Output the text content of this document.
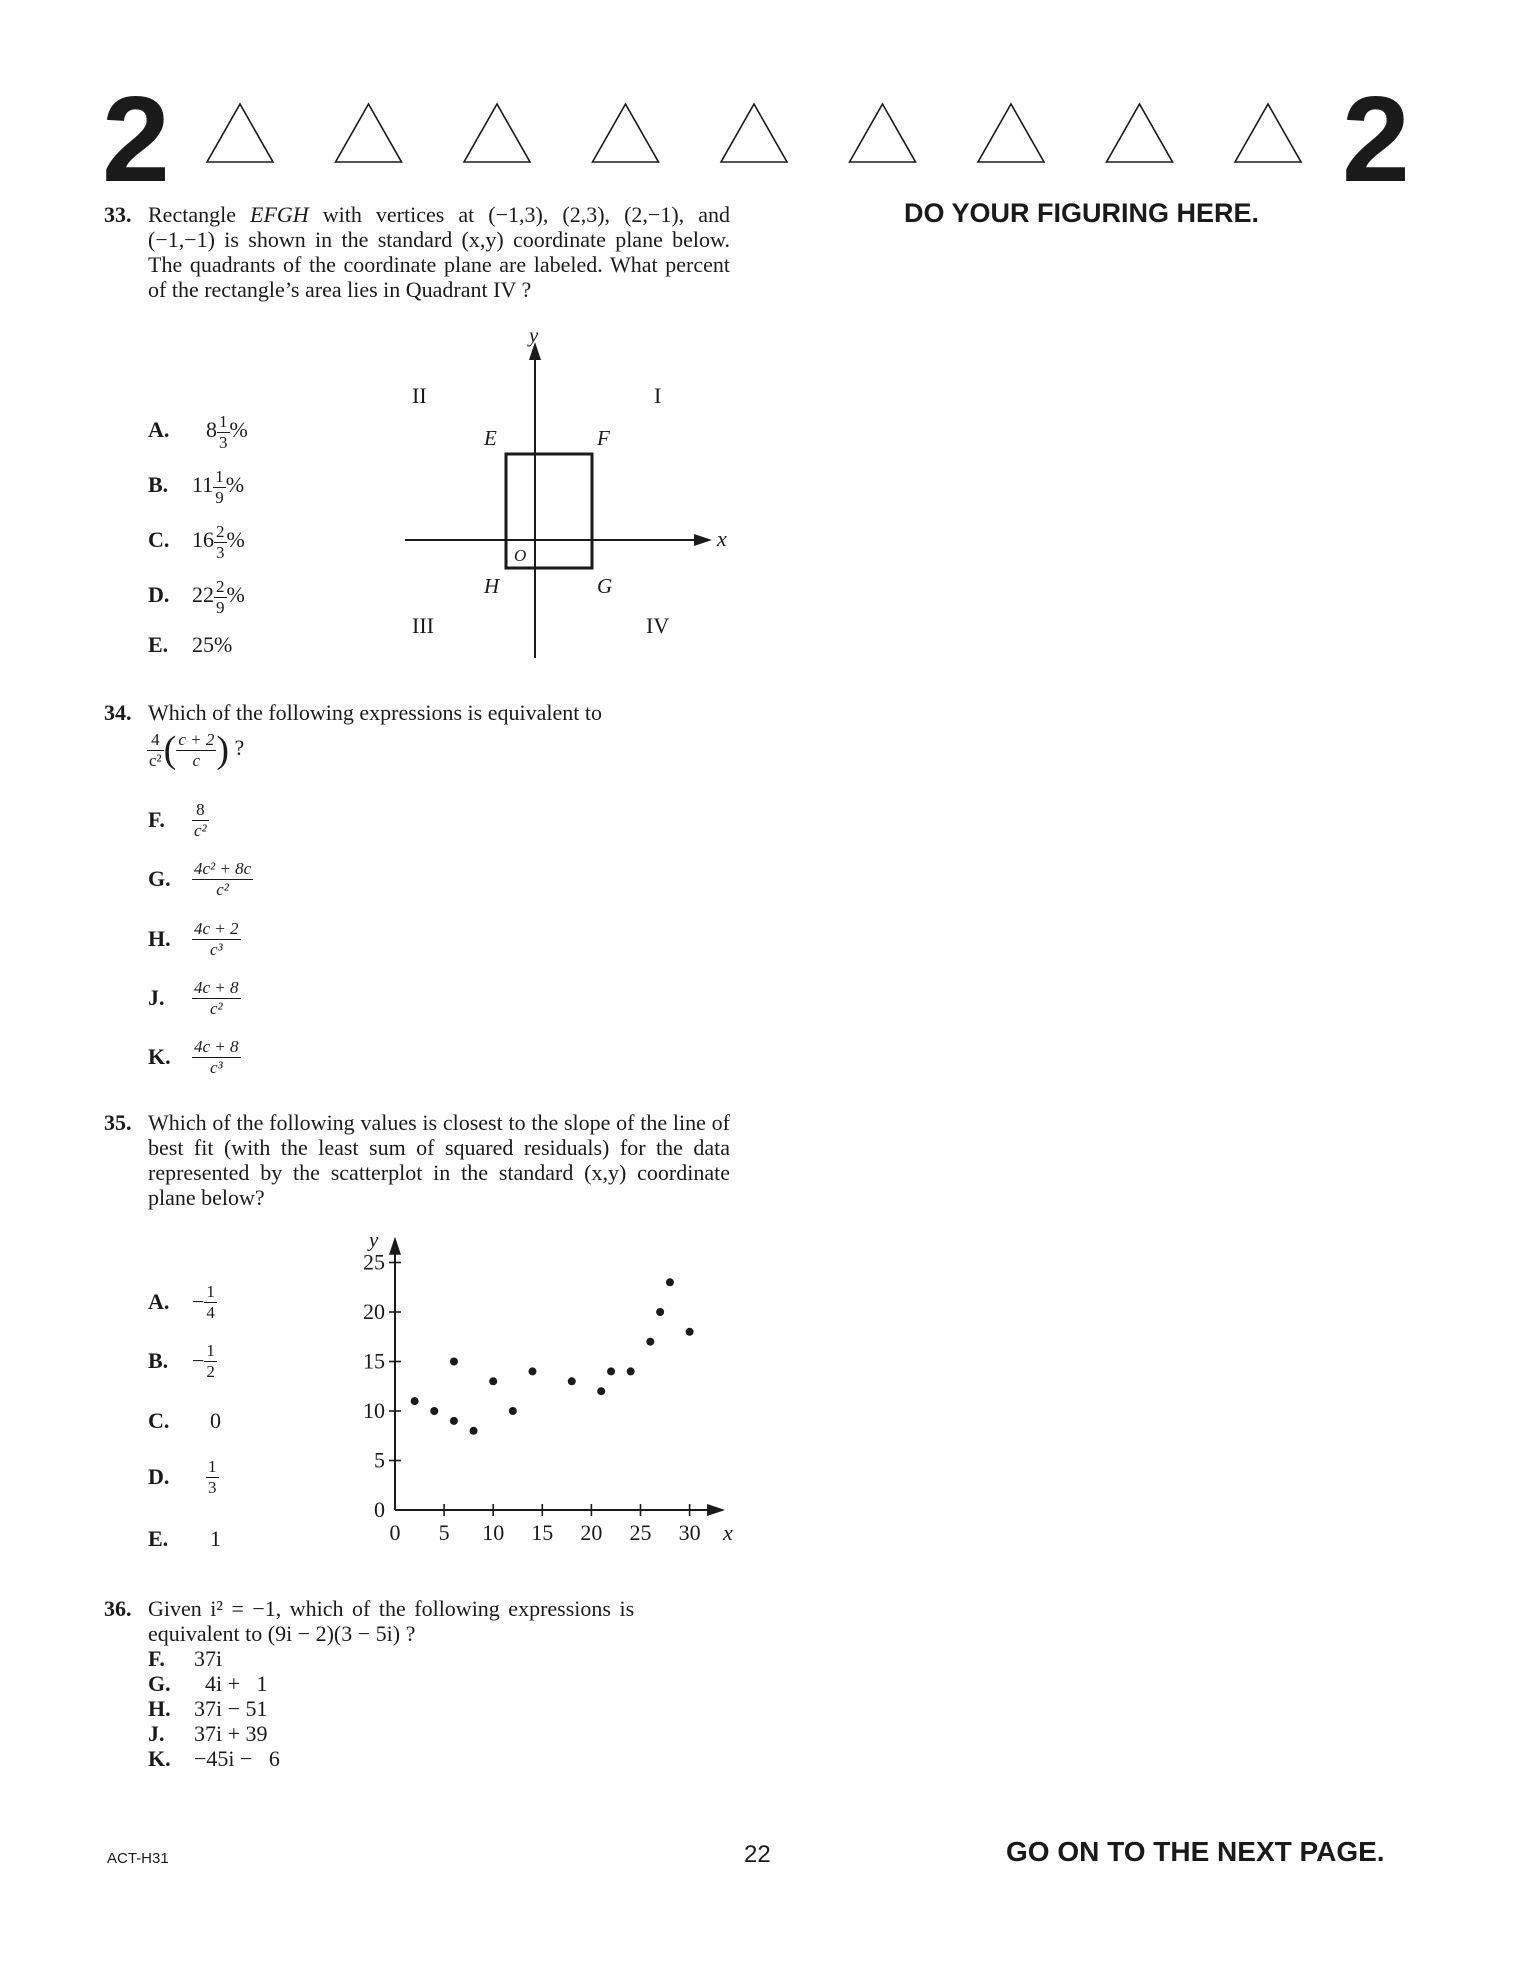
2	2
DO YOUR FIGURING HERE.
33. Rectangle EFGH with vertices at (−1,3), (2,3), (2,−1), and (−1,−1) is shown in the standard (x,y) coordinate plane below. The quadrants of the coordinate plane are labeled. What percent of the rectangle’s area lies in Quadrant IV ?
A. $8 \frac{1}{3}$ %
B. $11 \frac{1}{9}$ %
C. $16 \frac{2}{3}$ %
D. $22 \frac{2}{9}$ %
E. 25%
y
x
O
I
II
III	IV
E	F
G
H
34. Which of the following expressions is equivalent to
$\frac{4}{\text{c²}}$ ( $\frac{c + 2}{c}$ ) ?
F. $\frac{8}{\text{c²}}$
G. $\frac{\text{4c² + 8c}}{\text{c²}}$
H. $\frac{4c + 2}{\text{c³}}$
J. $\frac{4c + 8}{\text{c²}}$
K. $\frac{4c + 8}{\text{c³}}$
35. Which of the following values is closest to the slope of the line of best fit (with the least sum of squared residuals) for the data represented by the scatterplot in the standard (x,y) coordinate plane below?
A. − $\frac{1}{4}$
B. − $\frac{1}{2}$
C. 0
D. $\frac{1}{3}$
E. 1	0 5 10 15 20 25 30
0
5
10
15
20
25
x
y
36. Given i² = −1, which of the following expressions is
equivalent to (9i − 2)(3 − 5i) ?
F. 37i
G.  4i +   1
H. 37i − 51
J. 37i + 39
K. −45i −   6
ACT-H31	22	GO ON TO THE NEXT PAGE.
